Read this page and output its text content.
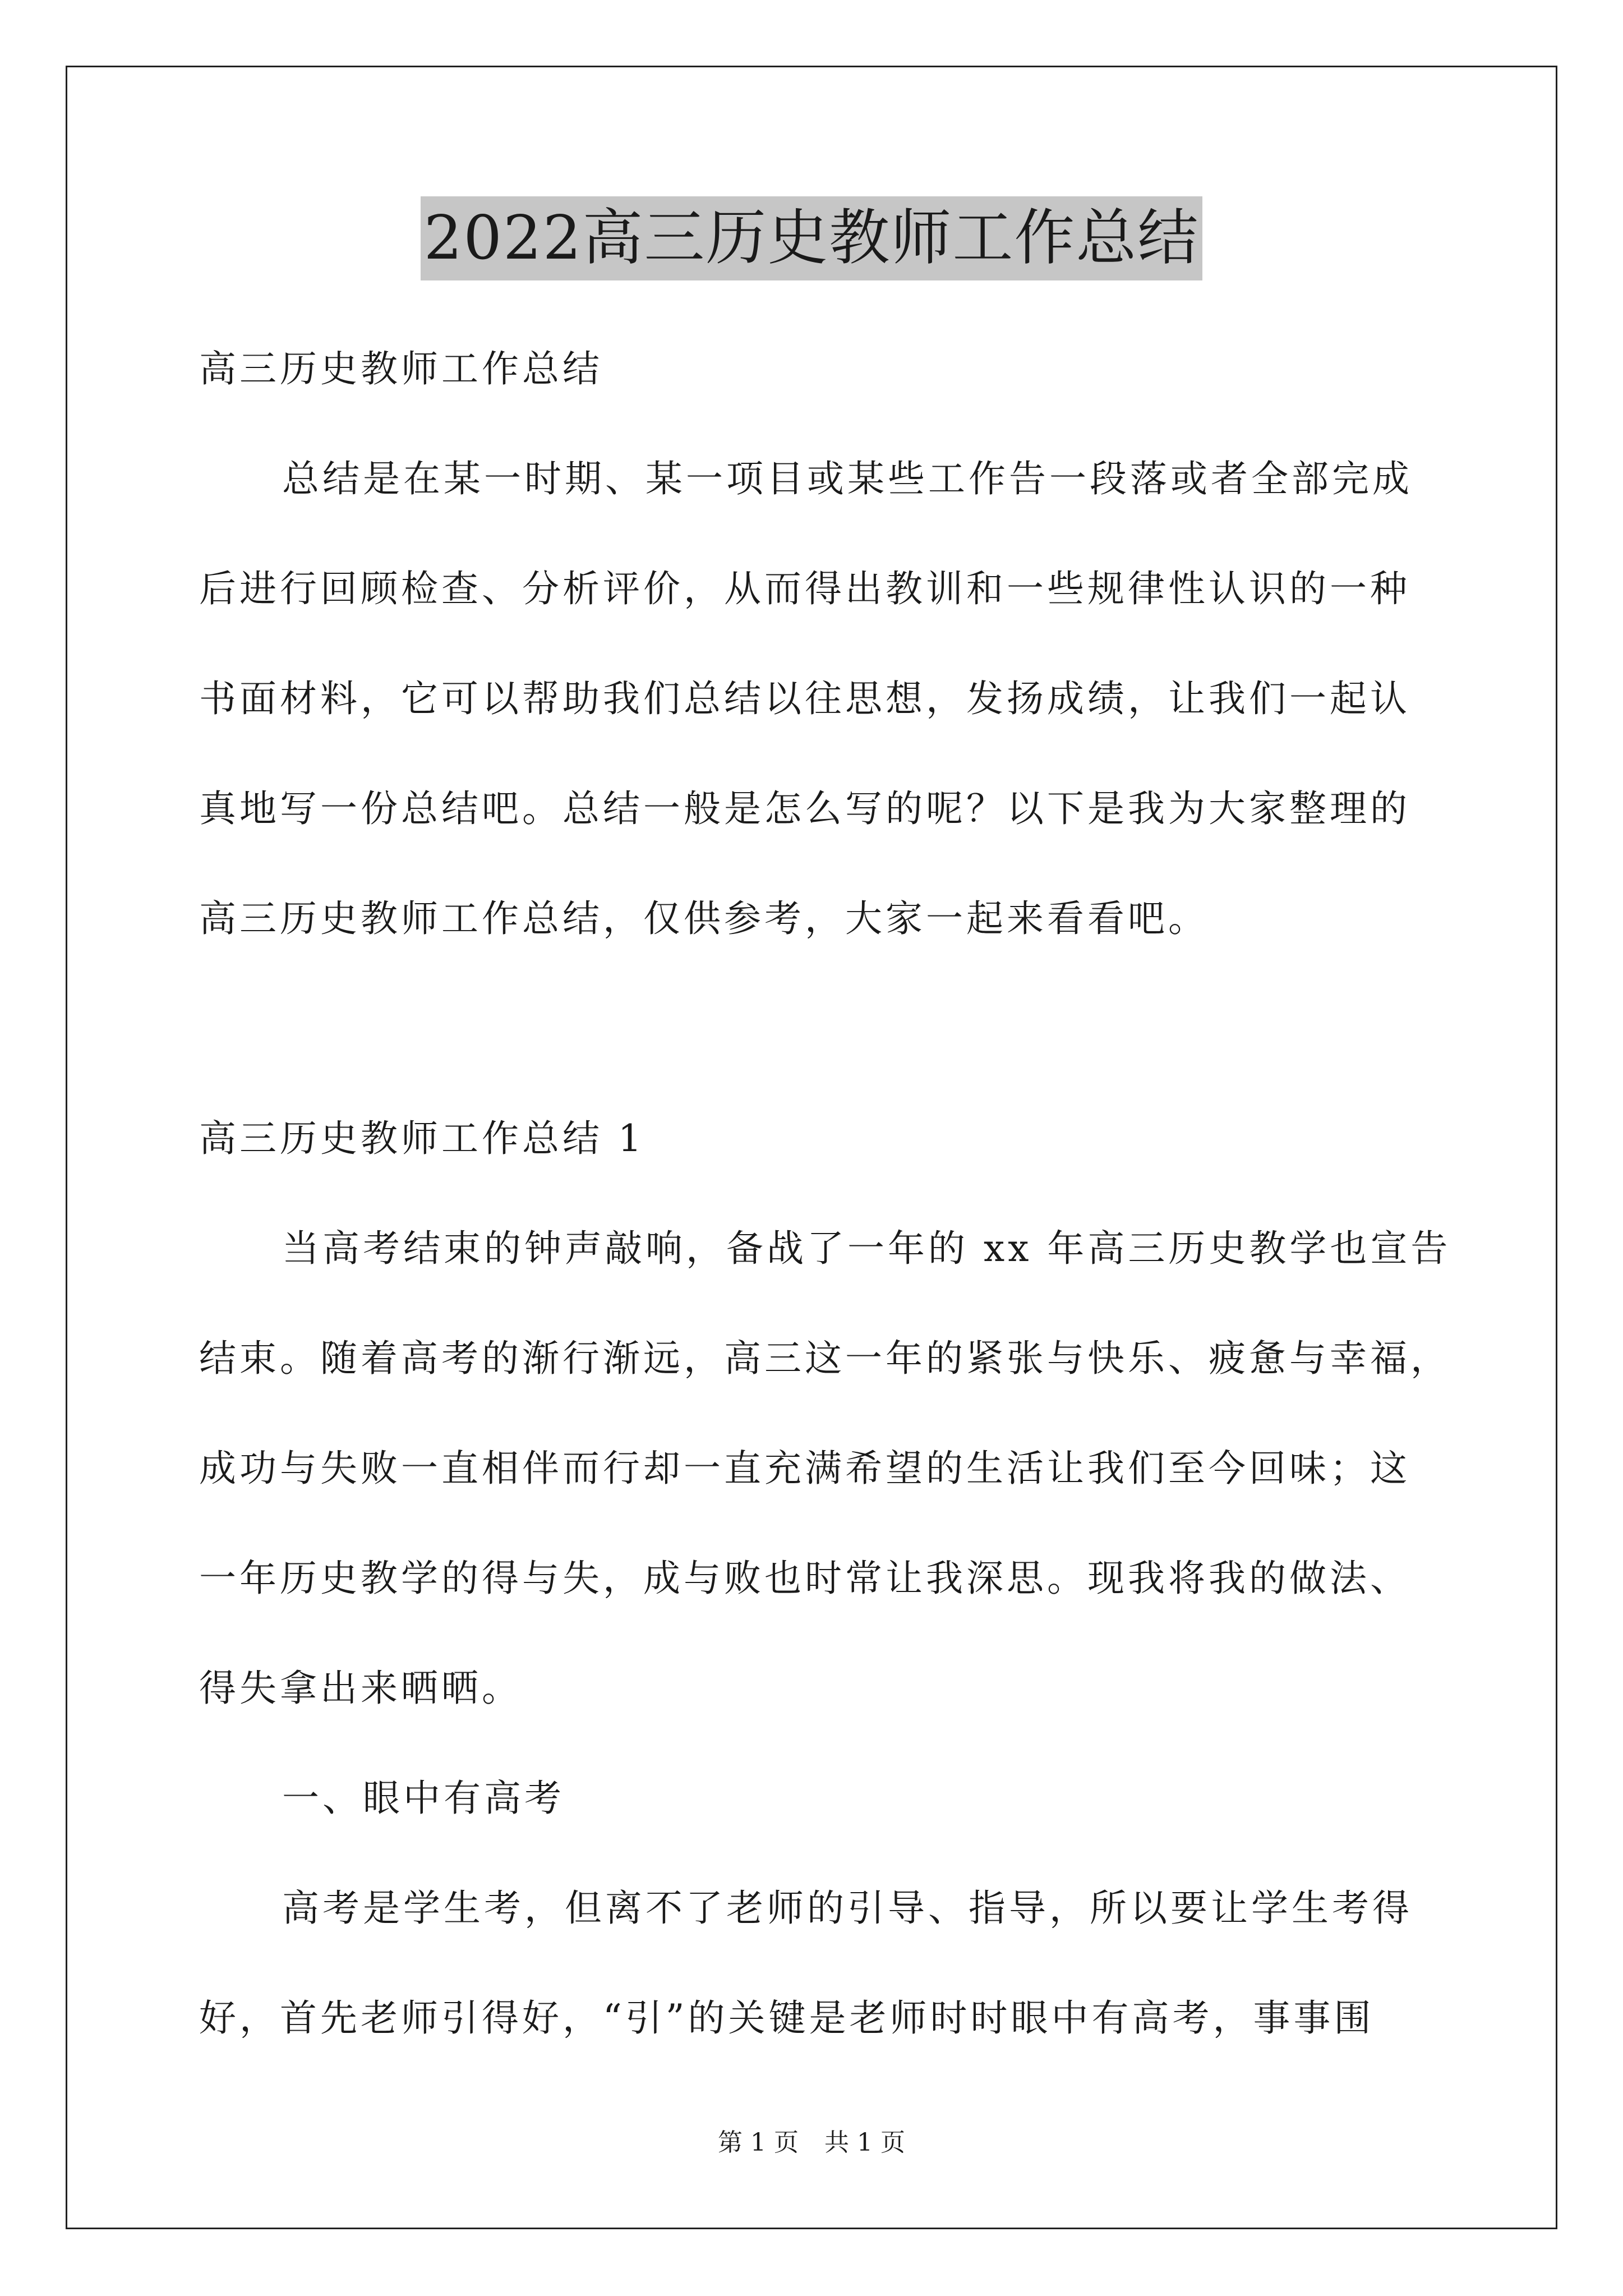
2022高三历史教师工作总结
高三历史教师工作总结
总结是在某一时期、某一项目或某些工作告一段落或者全部完成
后进行回顾检查、分析评价，从而得出教训和一些规律性认识的一种
书面材料，它可以帮助我们总结以往思想，发扬成绩，让我们一起认
真地写一份总结吧。总结一般是怎么写的呢？以下是我为大家整理的
高三历史教师工作总结，仅供参考，大家一起来看看吧。
高三历史教师工作总结 1
当高考结束的钟声敲响，备战了一年的 xx 年高三历史教学也宣告
结束。随着高考的渐行渐远，高三这一年的紧张与快乐、疲惫与幸福，
成功与失败一直相伴而行却一直充满希望的生活让我们至今回味；这
一年历史教学的得与失，成与败也时常让我深思。现我将我的做法、
得失拿出来晒晒。
一、眼中有高考
高考是学生考，但离不了老师的引导、指导，所以要让学生考得
好，首先老师引得好，“引”的关键是老师时时眼中有高考，事事围
第 1 页 共 1 页
